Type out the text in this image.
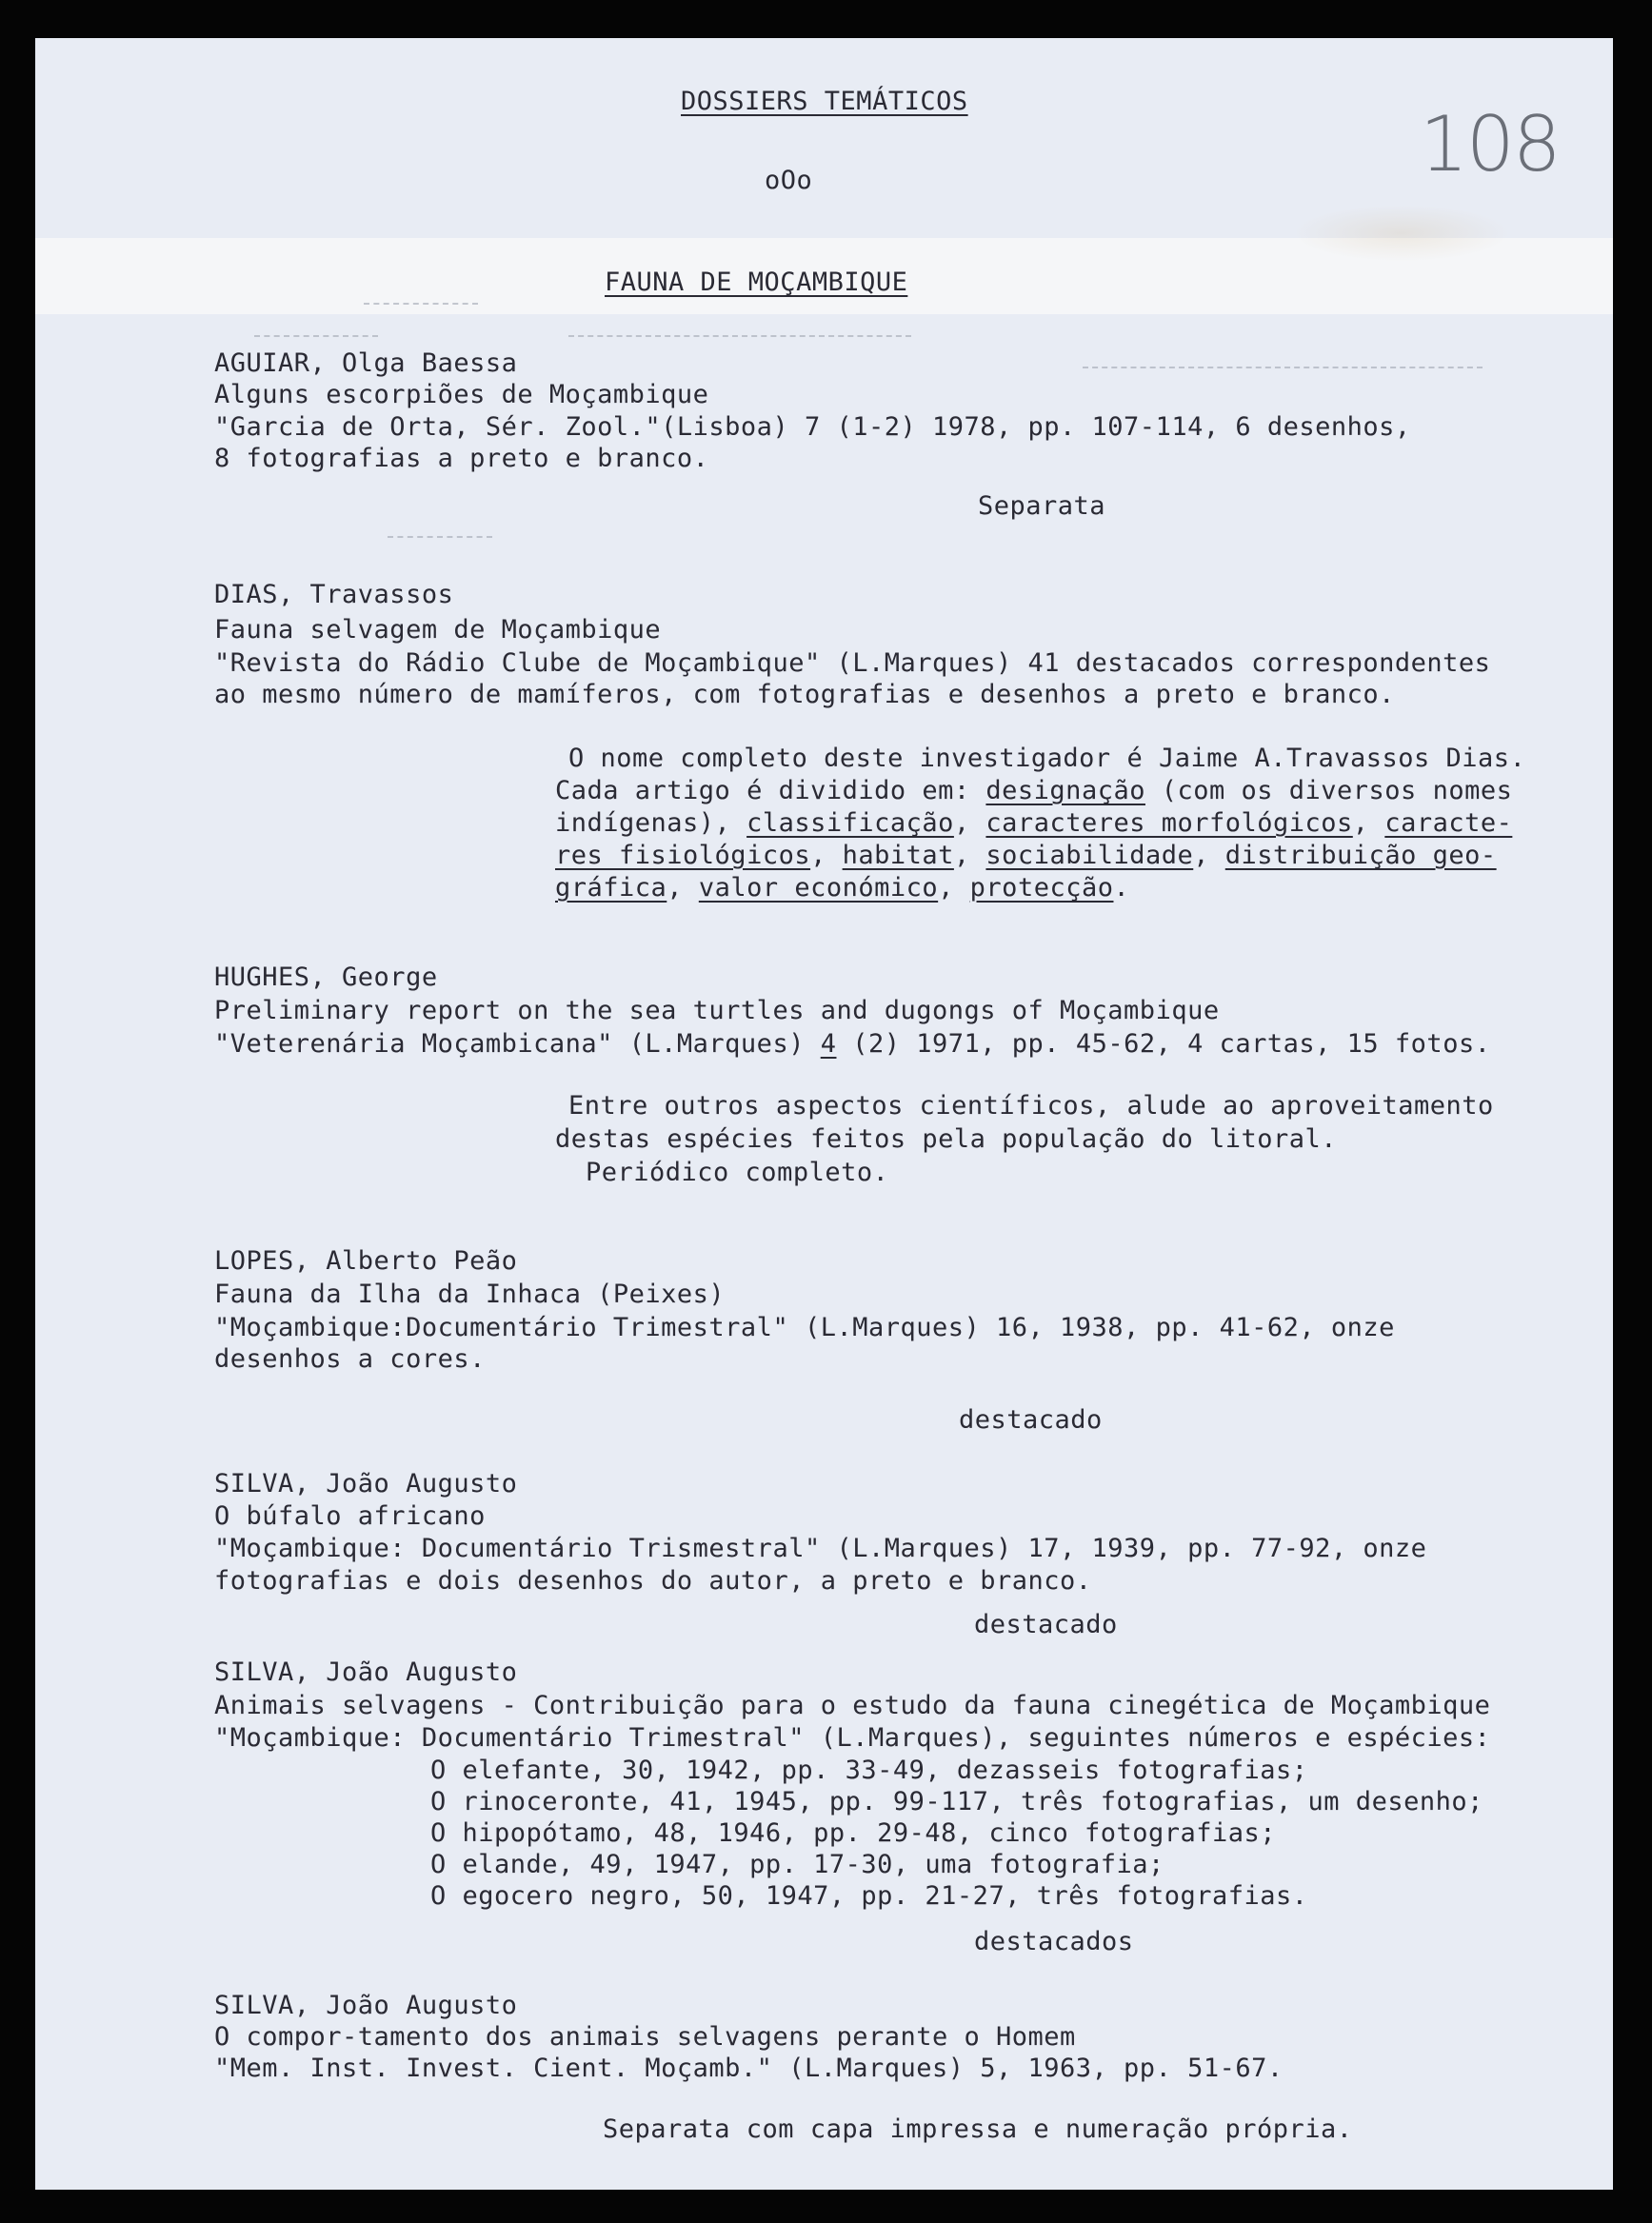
DOSSIERS TEMÁTICOS
oOo	108
FAUNA DE MOÇAMBIQUE
AGUIAR, Olga Baessa
Alguns escorpiões de Moçambique
"Garcia de Orta, Sér. Zool."(Lisboa) 7 (1-2) 1978, pp. 107-114, 6 desenhos,
8 fotografias a preto e branco.
Separata
DIAS, Travassos
Fauna selvagem de Moçambique
"Revista do Rádio Clube de Moçambique" (L.Marques) 41 destacados correspondentes
ao mesmo número de mamíferos, com fotografias e desenhos a preto e branco.
O nome completo deste investigador é Jaime A.Travassos Dias.
Cada artigo é dividido em: designação (com os diversos nomes
indígenas), classificação, caracteres morfológicos, caracte-
res fisiológicos, habitat, sociabilidade, distribuição geo-
gráfica, valor económico, protecção.
HUGHES, George
Preliminary report on the sea turtles and dugongs of Moçambique
"Veterenária Moçambicana" (L.Marques) 4 (2) 1971, pp. 45-62, 4 cartas, 15 fotos.
Entre outros aspectos científicos, alude ao aproveitamento
destas espécies feitos pela população do litoral.
Periódico completo.
LOPES, Alberto Peão
Fauna da Ilha da Inhaca (Peixes)
"Moçambique:Documentário Trimestral" (L.Marques) 16, 1938, pp. 41-62, onze
desenhos a cores.
destacado
SILVA, João Augusto
O búfalo africano
"Moçambique: Documentário Trismestral" (L.Marques) 17, 1939, pp. 77-92, onze
fotografias e dois desenhos do autor, a preto e branco.
destacado
SILVA, João Augusto
Animais selvagens - Contribuição para o estudo da fauna cinegética de Moçambique
"Moçambique: Documentário Trimestral" (L.Marques), seguintes números e espécies:
O elefante, 30, 1942, pp. 33-49, dezasseis fotografias;
O rinoceronte, 41, 1945, pp. 99-117, três fotografias, um desenho;
O hipopótamo, 48, 1946, pp. 29-48, cinco fotografias;
O elande, 49, 1947, pp. 17-30, uma fotografia;
O egocero negro, 50, 1947, pp. 21-27, três fotografias.
destacados
SILVA, João Augusto
O compor-tamento dos animais selvagens perante o Homem
"Mem. Inst. Invest. Cient. Moçamb." (L.Marques) 5, 1963, pp. 51-67.
Separata com capa impressa e numeração própria.
